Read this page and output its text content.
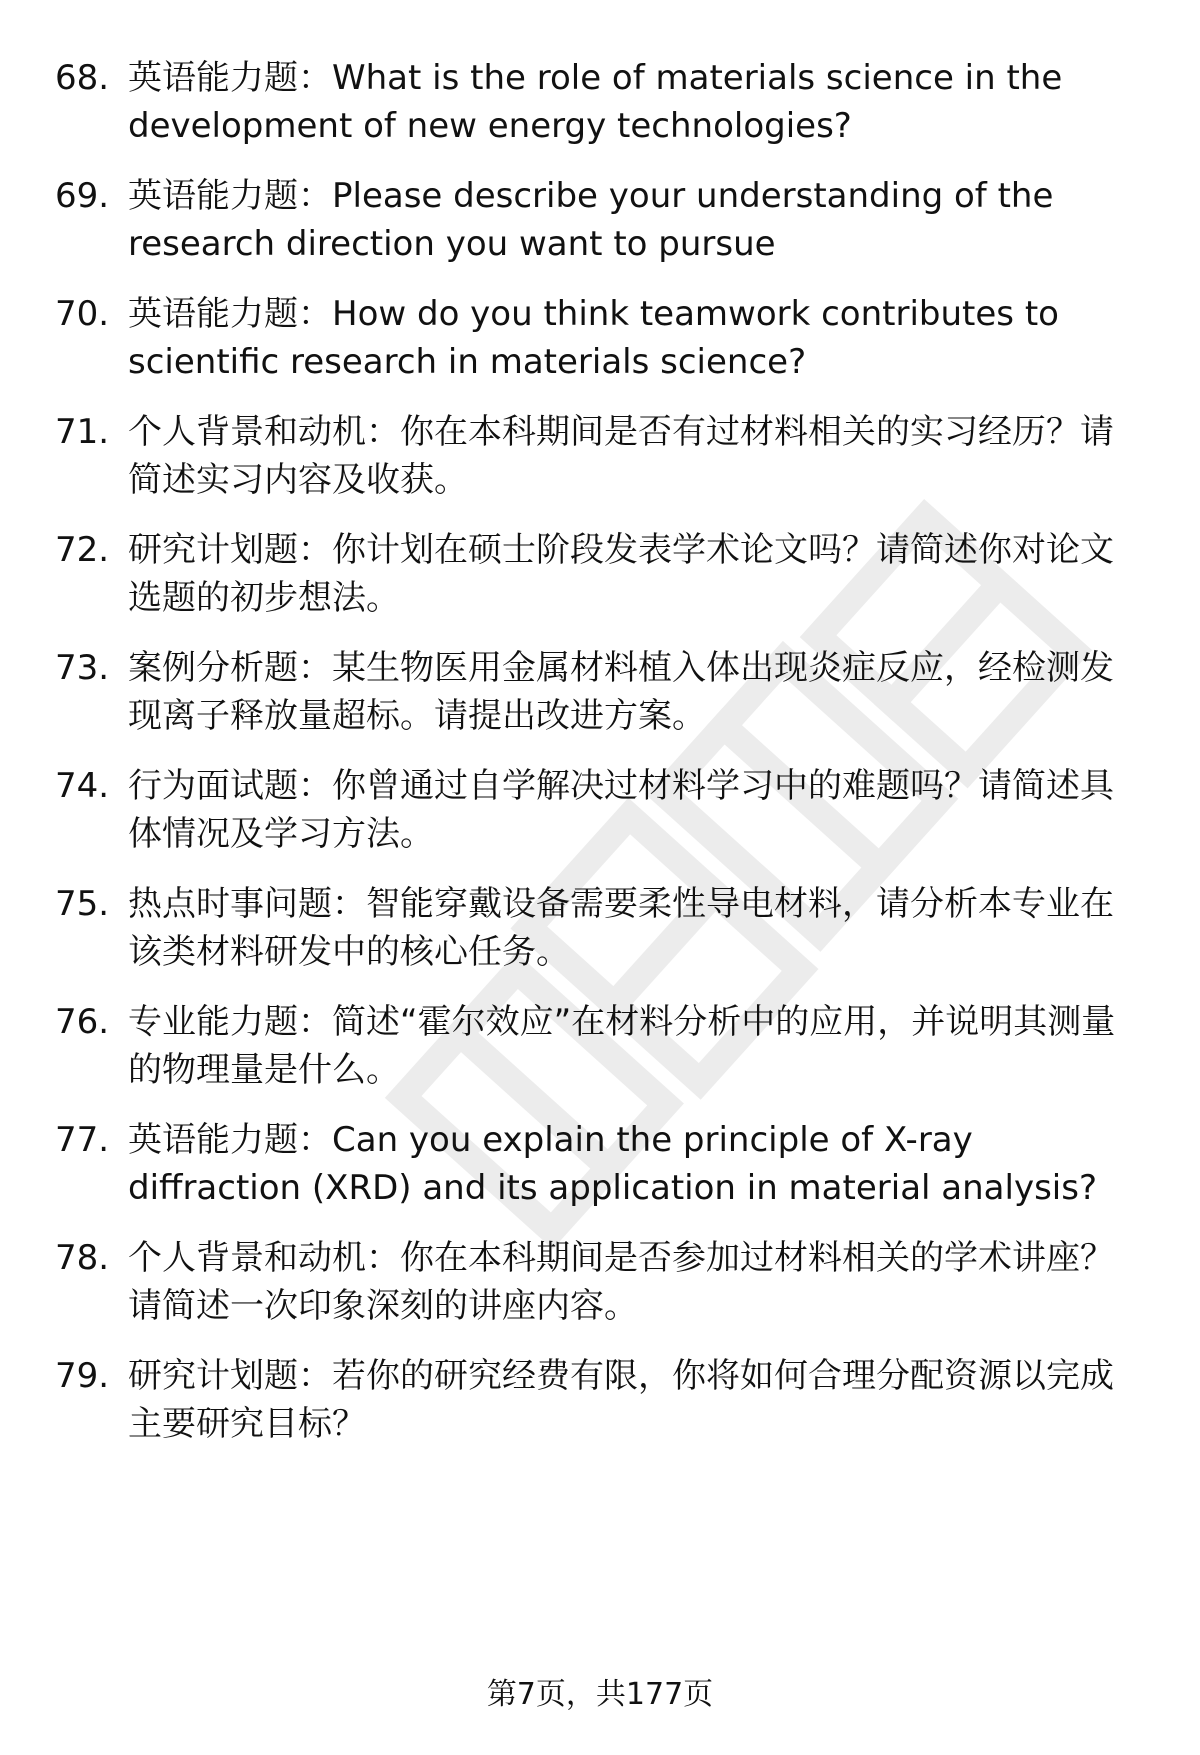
68. 英语能力题：What is the role of materials science in the development of new energy technologies?
69. 英语能力题：Please describe your understanding of the research direction you want to pursue
70. 英语能力题：How do you think teamwork contributes to scientific research in materials science?
71. 个人背景和动机：你在本科期间是否有过材料相关的实习经历？请简述实习内容及收获。
72. 研究计划题：你计划在硕士阶段发表学术论文吗？请简述你对论文选题的初步想法。
73. 案例分析题：某生物医用金属材料植入体出现炎症反应，经检测发现离子释放量超标。请提出改进方案。
74. 行为面试题：你曾通过自学解决过材料学习中的难题吗？请简述具体情况及学习方法。
75. 热点时事问题：智能穿戴设备需要柔性导电材料，请分析本专业在该类材料研发中的核心任务。
76. 专业能力题：简述“霍尔效应”在材料分析中的应用，并说明其测量的物理量是什么。
77. 英语能力题：Can you explain the principle of X-ray diffraction (XRD) and its application in material analysis?
78. 个人背景和动机：你在本科期间是否参加过材料相关的学术讲座？请简述一次印象深刻的讲座内容。
79. 研究计划题：若你的研究经费有限，你将如何合理分配资源以完成主要研究目标？
第7页，共177页
